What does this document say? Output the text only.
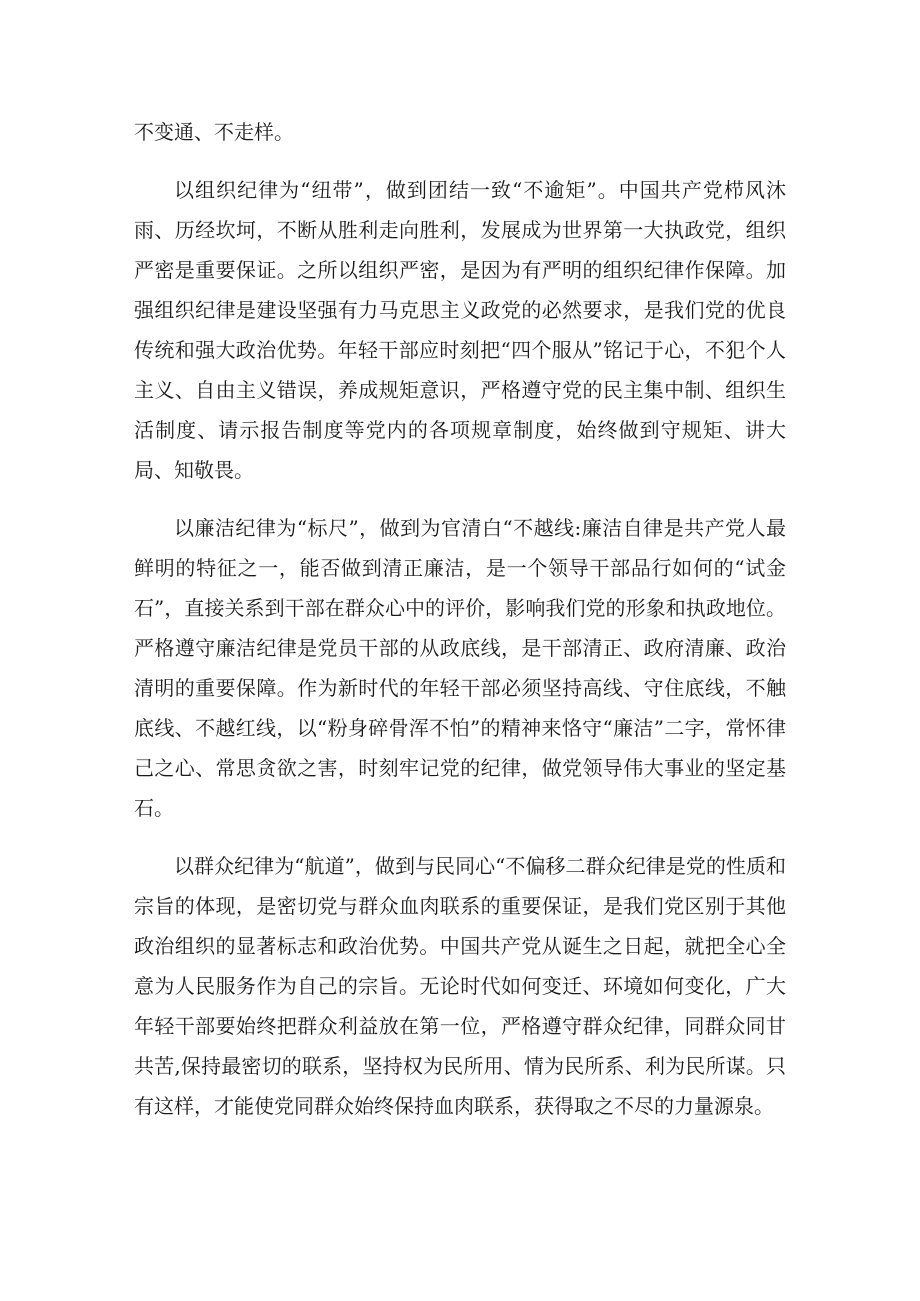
不变通、不走样。

以组织纪律为“纽带”，做到团结一致“不逾矩”。中国共产党栉风沐雨、历经坎坷，不断从胜利走向胜利，发展成为世界第一大执政党，组织严密是重要保证。之所以组织严密，是因为有严明的组织纪律作保障。加强组织纪律是建设坚强有力马克思主义政党的必然要求，是我们党的优良传统和强大政治优势。年轻干部应时刻把“四个服从”铭记于心，不犯个人主义、自由主义错误，养成规矩意识，严格遵守党的民主集中制、组织生活制度、请示报告制度等党内的各项规章制度，始终做到守规矩、讲大局、知敬畏。

以廉洁纪律为“标尺”，做到为官清白“不越线:廉洁自律是共产党人最鲜明的特征之一，能否做到清正廉洁，是一个领导干部品行如何的“试金石”，直接关系到干部在群众心中的评价，影响我们党的形象和执政地位。严格遵守廉洁纪律是党员干部的从政底线，是干部清正、政府清廉、政治清明的重要保障。作为新时代的年轻干部必须坚持高线、守住底线，不触底线、不越红线，以“粉身碎骨浑不怕”的精神来恪守“廉洁”二字，常怀律己之心、常思贪欲之害，时刻牢记党的纪律，做党领导伟大事业的坚定基石。

以群众纪律为“航道”，做到与民同心“不偏移二群众纪律是党的性质和宗旨的体现，是密切党与群众血肉联系的重要保证，是我们党区别于其他政治组织的显著标志和政治优势。中国共产党从诞生之日起，就把全心全意为人民服务作为自己的宗旨。无论时代如何变迁、环境如何变化，广大年轻干部要始终把群众利益放在第一位，严格遵守群众纪律，同群众同甘共苦,保持最密切的联系，坚持权为民所用、情为民所系、利为民所谋。只有这样，才能使党同群众始终保持血肉联系，获得取之不尽的力量源泉。
